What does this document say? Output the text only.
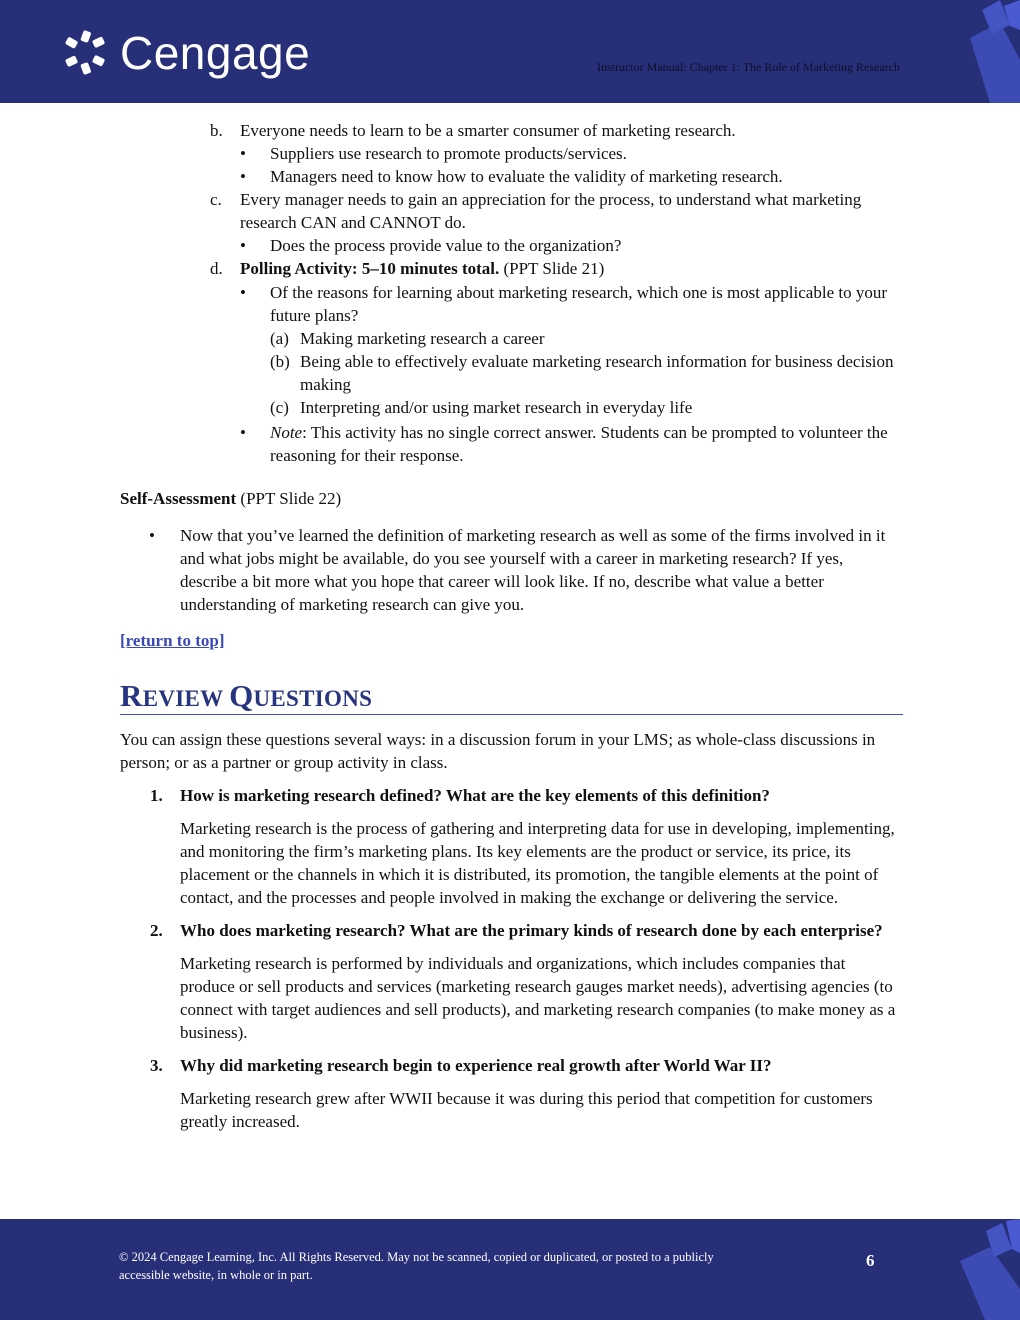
Cengage	Instructor Manual: Chapter 1: The Role of Marketing Research
b. Everyone needs to learn to be a smarter consumer of marketing research.
• Suppliers use research to promote products/services.
• Managers need to know how to evaluate the validity of marketing research.
c. Every manager needs to gain an appreciation for the process, to understand what marketing research CAN and CANNOT do.
• Does the process provide value to the organization?
d. Polling Activity: 5–10 minutes total. (PPT Slide 21)
• Of the reasons for learning about marketing research, which one is most applicable to your future plans?
(a) Making marketing research a career
(b) Being able to effectively evaluate marketing research information for business decision making
(c) Interpreting and/or using market research in everyday life
• Note: This activity has no single correct answer. Students can be prompted to volunteer the reasoning for their response.
Self-Assessment (PPT Slide 22)
• Now that you’ve learned the definition of marketing research as well as some of the firms involved in it and what jobs might be available, do you see yourself with a career in marketing research? If yes, describe a bit more what you hope that career will look like. If no, describe what value a better understanding of marketing research can give you.
[return to top]
REVIEW QUESTIONS
You can assign these questions several ways: in a discussion forum in your LMS; as whole-class discussions in person; or as a partner or group activity in class.
1. How is marketing research defined? What are the key elements of this definition?
Marketing research is the process of gathering and interpreting data for use in developing, implementing, and monitoring the firm’s marketing plans. Its key elements are the product or service, its price, its placement or the channels in which it is distributed, its promotion, the tangible elements at the point of contact, and the processes and people involved in making the exchange or delivering the service.
2. Who does marketing research? What are the primary kinds of research done by each enterprise?
Marketing research is performed by individuals and organizations, which includes companies that produce or sell products and services (marketing research gauges market needs), advertising agencies (to connect with target audiences and sell products), and marketing research companies (to make money as a business).
3. Why did marketing research begin to experience real growth after World War II?
Marketing research grew after WWII because it was during this period that competition for customers greatly increased.
© 2024 Cengage Learning, Inc. All Rights Reserved. May not be scanned, copied or duplicated, or posted to a publicly accessible website, in whole or in part.
6
